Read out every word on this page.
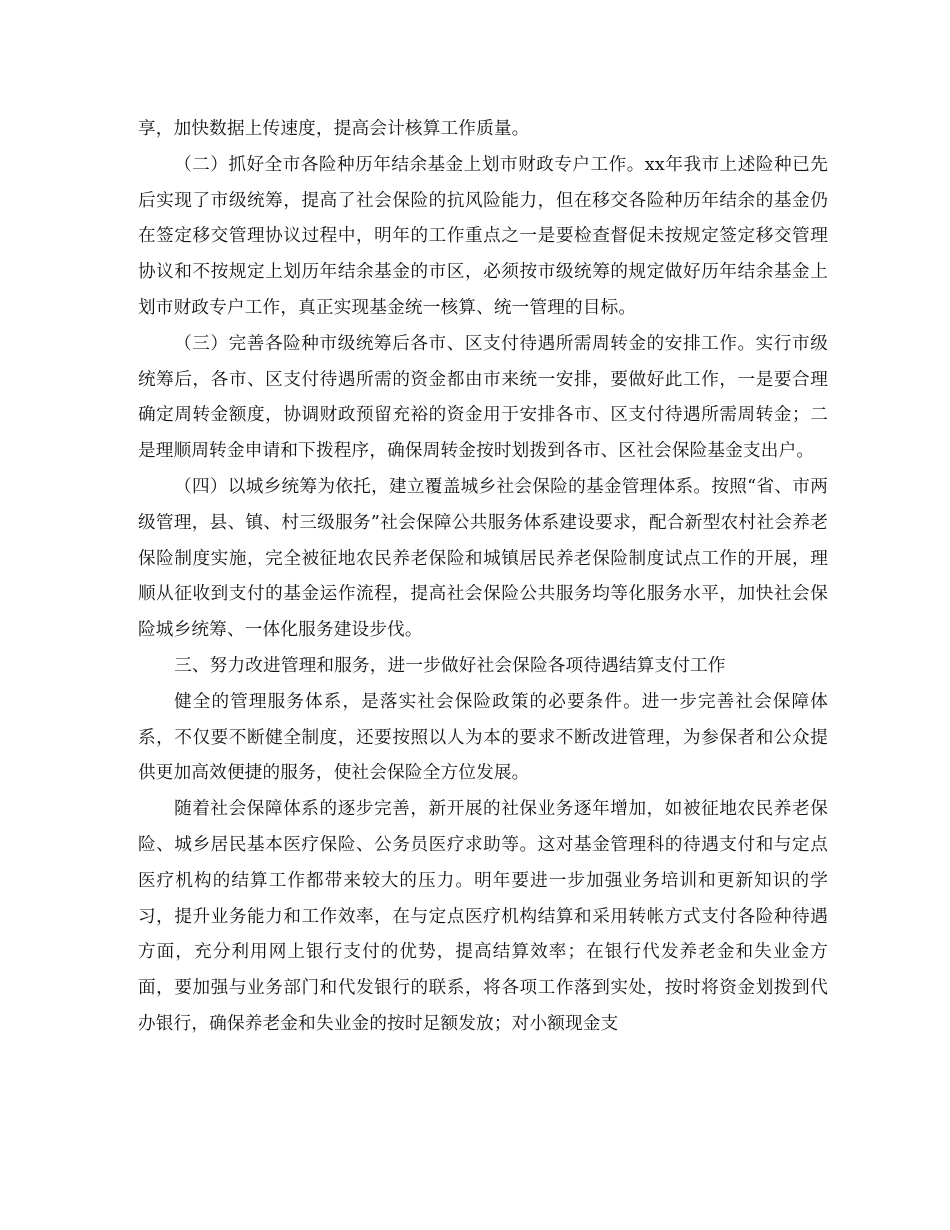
享，加快数据上传速度，提高会计核算工作质量。

（二）抓好全市各险种历年结余基金上划市财政专户工作。xx年我市上述险种已先后实现了市级统筹，提高了社会保险的抗风险能力，但在移交各险种历年结余的基金仍在签定移交管理协议过程中，明年的工作重点之一是要检查督促未按规定签定移交管理协议和不按规定上划历年结余基金的市区，必须按市级统筹的规定做好历年结余基金上划市财政专户工作，真正实现基金统一核算、统一管理的目标。

（三）完善各险种市级统筹后各市、区支付待遇所需周转金的安排工作。实行市级统筹后，各市、区支付待遇所需的资金都由市来统一安排，要做好此工作，一是要合理确定周转金额度，协调财政预留充裕的资金用于安排各市、区支付待遇所需周转金；二是理顺周转金申请和下拨程序，确保周转金按时划拨到各市、区社会保险基金支出户。

（四）以城乡统筹为依托，建立覆盖城乡社会保险的基金管理体系。按照“省、市两级管理，县、镇、村三级服务”社会保障公共服务体系建设要求，配合新型农村社会养老保险制度实施，完全被征地农民养老保险和城镇居民养老保险制度试点工作的开展，理顺从征收到支付的基金运作流程，提高社会保险公共服务均等化服务水平，加快社会保险城乡统筹、一体化服务建设步伐。

三、努力改进管理和服务，进一步做好社会保险各项待遇结算支付工作

健全的管理服务体系，是落实社会保险政策的必要条件。进一步完善社会保障体系，不仅要不断健全制度，还要按照以人为本的要求不断改进管理，为参保者和公众提供更加高效便捷的服务，使社会保险全方位发展。

随着社会保障体系的逐步完善，新开展的社保业务逐年增加，如被征地农民养老保险、城乡居民基本医疗保险、公务员医疗求助等。这对基金管理科的待遇支付和与定点医疗机构的结算工作都带来较大的压力。明年要进一步加强业务培训和更新知识的学习，提升业务能力和工作效率，在与定点医疗机构结算和采用转帐方式支付各险种待遇方面，充分利用网上银行支付的优势，提高结算效率；在银行代发养老金和失业金方面，要加强与业务部门和代发银行的联系，将各项工作落到实处，按时将资金划拨到代办银行，确保养老金和失业金的按时足额发放；对小额现金支
